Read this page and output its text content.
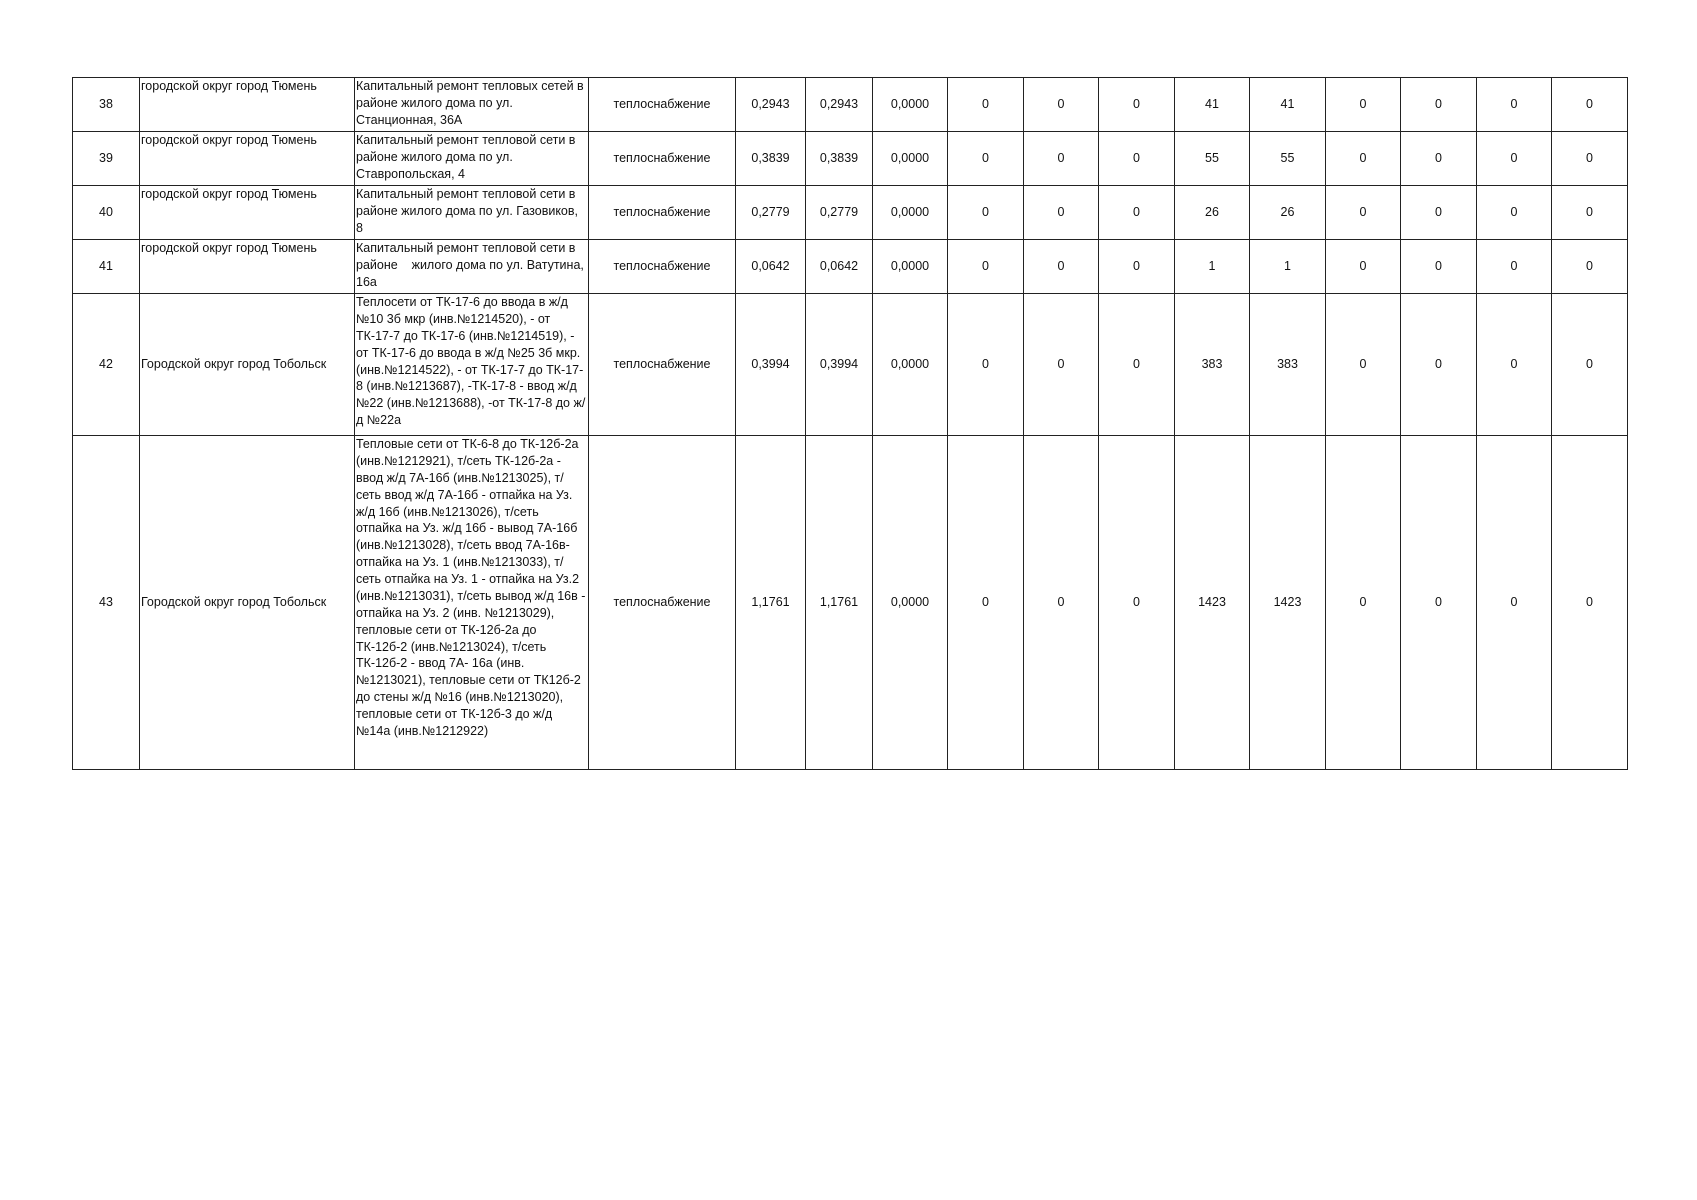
38	городской округ город Тюмень	Капитальный ремонт тепловых сетей в районе жилого дома по ул. Станционная, 36А	теплоснабжение	0,2943	0,2943	0,0000	0	0	0	41	41	0	0	0	0
39	городской округ город Тюмень	Капитальный ремонт тепловой сети в районе жилого дома по ул. Ставропольская, 4	теплоснабжение	0,3839	0,3839	0,0000	0	0	0	55	55	0	0	0	0
40	городской округ город Тюмень	Капитальный ремонт тепловой сети в районе жилого дома по ул. Газовиков, 8	теплоснабжение	0,2779	0,2779	0,0000	0	0	0	26	26	0	0	0	0
41	городской округ город Тюмень	Капитальный ремонт тепловой сети в районе    жилого дома по ул. Ватутина, 16а	теплоснабжение	0,0642	0,0642	0,0000	0	0	0	1	1	0	0	0	0
42	Городской округ город Тобольск	Теплосети от ТК-17-6 до ввода в ж/д №10 3б мкр (инв.№1214520), - от ТК-17-7 до ТК-17-6 (инв.№1214519), - от ТК-17-6 до ввода в ж/д №25 3б мкр. (инв.№1214522), - от ТК-17-7 до ТК-17-8 (инв.№1213687), -ТК-17-8 - ввод ж/д №22 (инв.№1213688), -от ТК-17-8 до ж/д №22а	теплоснабжение	0,3994	0,3994	0,0000	0	0	0	383	383	0	0	0	0
43	Городской округ город Тобольск	Тепловые сети от ТК-6-8 до ТК-12б-2а (инв.№1212921), т/сеть ТК-12б-2а - ввод ж/д 7А-16б (инв.№1213025), т/сеть ввод ж/д 7А-16б - отпайка на Уз. ж/д 16б (инв.№1213026), т/сеть отпайка на Уз. ж/д 16б - вывод 7А-16б (инв.№1213028), т/сеть ввод 7А-16в-отпайка на Уз. 1 (инв.№1213033), т/сеть отпайка на Уз. 1 - отпайка на Уз.2 (инв.№1213031), т/сеть вывод ж/д 16в - отпайка на Уз. 2 (инв. №1213029), тепловые сети от ТК-12б-2а до ТК-12б-2 (инв.№1213024), т/сеть ТК-12б-2 - ввод 7А- 16а (инв. №1213021), тепловые сети от ТК12б-2 до стены ж/д №16 (инв.№1213020), тепловые сети от ТК-12б-3 до ж/д №14а (инв.№1212922)	теплоснабжение	1,1761	1,1761	0,0000	0	0	0	1423	1423	0	0	0	0
